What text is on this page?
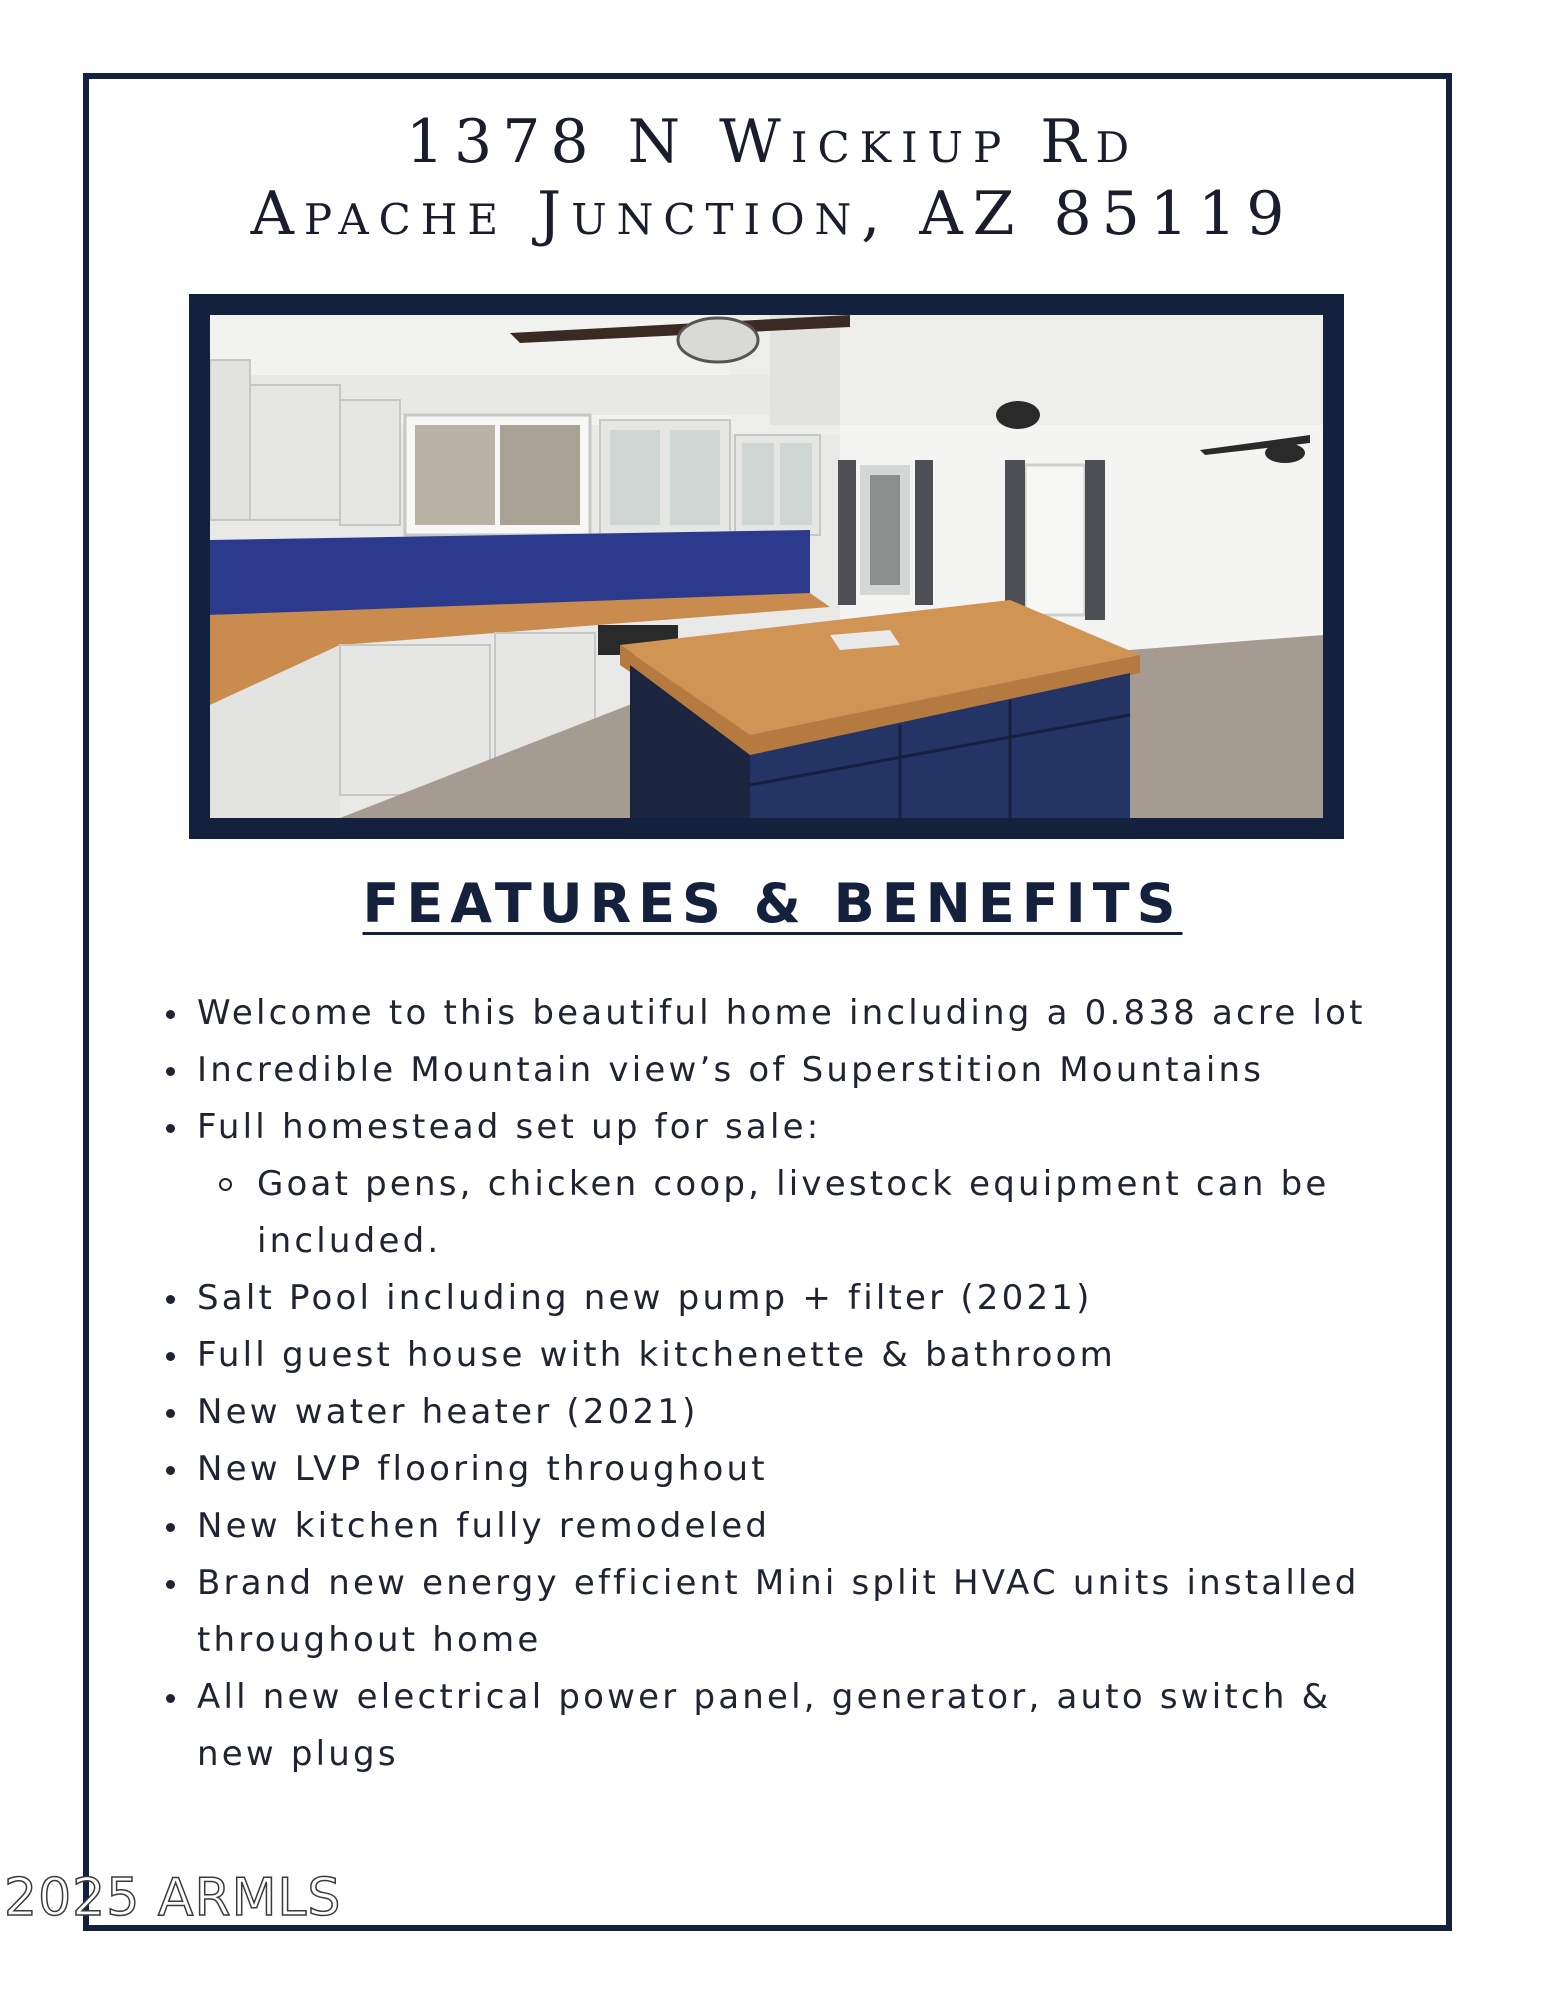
1378 N Wickiup Rd
Apache Junction, AZ 85119
FEATURES & BENEFITS
Welcome to this beautiful home including a 0.838 acre lot
Incredible Mountain view’s of Superstition Mountains
Full homestead set up for sale:
Goat pens, chicken coop, livestock equipment can be included.
Salt Pool including new pump + filter (2021)
Full guest house with kitchenette & bathroom
New water heater (2021)
New LVP flooring throughout
New kitchen fully remodeled
Brand new energy efficient Mini split HVAC units installed throughout home
All new electrical power panel, generator, auto switch & new plugs
2025 ARMLS
